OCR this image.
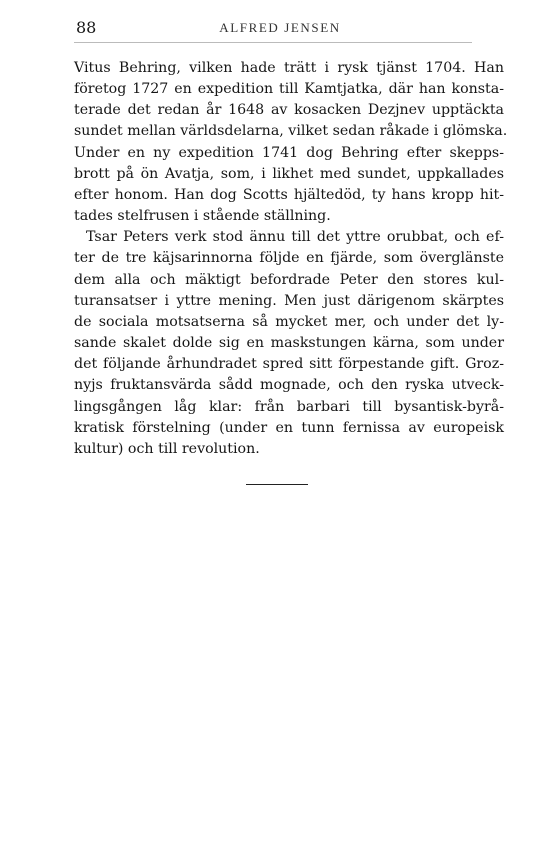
88	ALFRED JENSEN
Vitus Behring, vilken hade trätt i rysk tjänst 1704. Han
företog 1727 en expedition till Kamtjatka, där han konsta-
terade det redan år 1648 av kosacken Dezjnev upptäckta
sundet mellan världsdelarna, vilket sedan råkade i glömska.
Under en ny expedition 1741 dog Behring efter skepps-
brott på ön Avatja, som, i likhet med sundet, uppkallades
efter honom. Han dog Scotts hjältedöd, ty hans kropp hit-
tades stelfrusen i stående ställning.
Tsar Peters verk stod ännu till det yttre orubbat, och ef-
ter de tre käjsarinnorna följde en fjärde, som överglänste
dem alla och mäktigt befordrade Peter den stores kul-
turansatser i yttre mening. Men just därigenom skärptes
de sociala motsatserna så mycket mer, och under det ly-
sande skalet dolde sig en maskstungen kärna, som under
det följande århundradet spred sitt förpestande gift. Groz-
nyjs fruktansvärda sådd mognade, och den ryska utveck-
lingsgången låg klar: från barbari till bysantisk-byrå-
kratisk förstelning (under en tunn fernissa av europeisk
kultur) och till revolution.
